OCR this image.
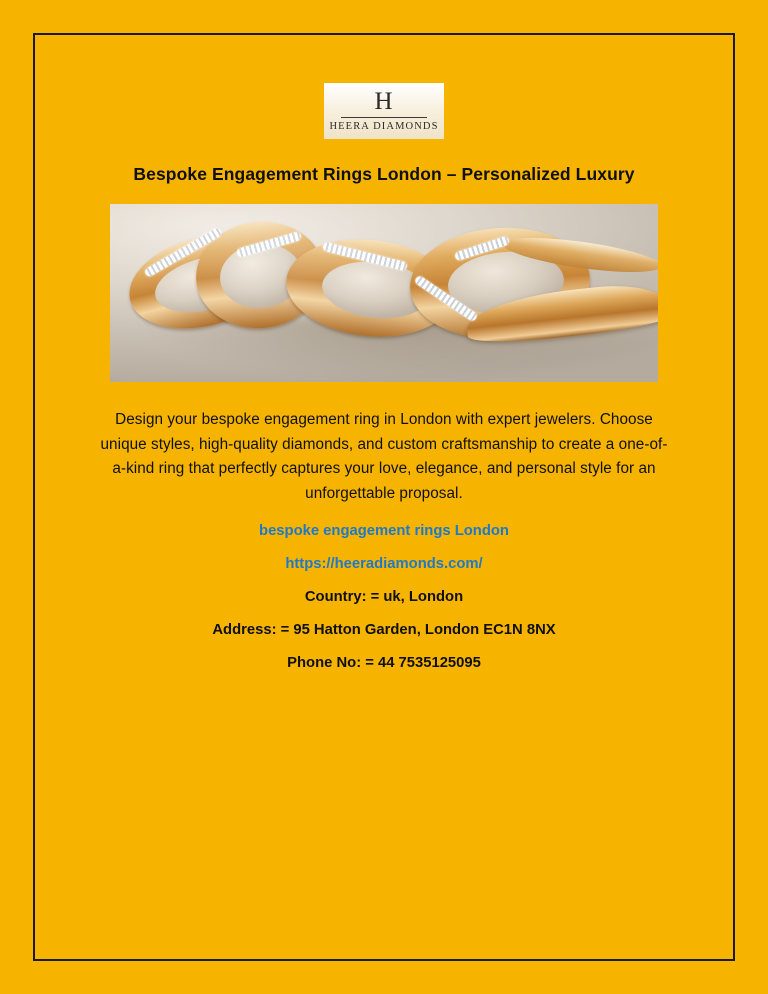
H
HEERA DIAMONDS
Bespoke Engagement Rings London – Personalized Luxury

Design your bespoke engagement ring in London with expert jewelers. Choose unique styles, high-quality diamonds, and custom craftsmanship to create a one-of-a-kind ring that perfectly captures your love, elegance, and personal style for an unforgettable proposal.

bespoke engagement rings London
https://heeradiamonds.com/

Country: = uk, London

Address: = 95 Hatton Garden, London EC1N 8NX

Phone No: = 44 7535125095
